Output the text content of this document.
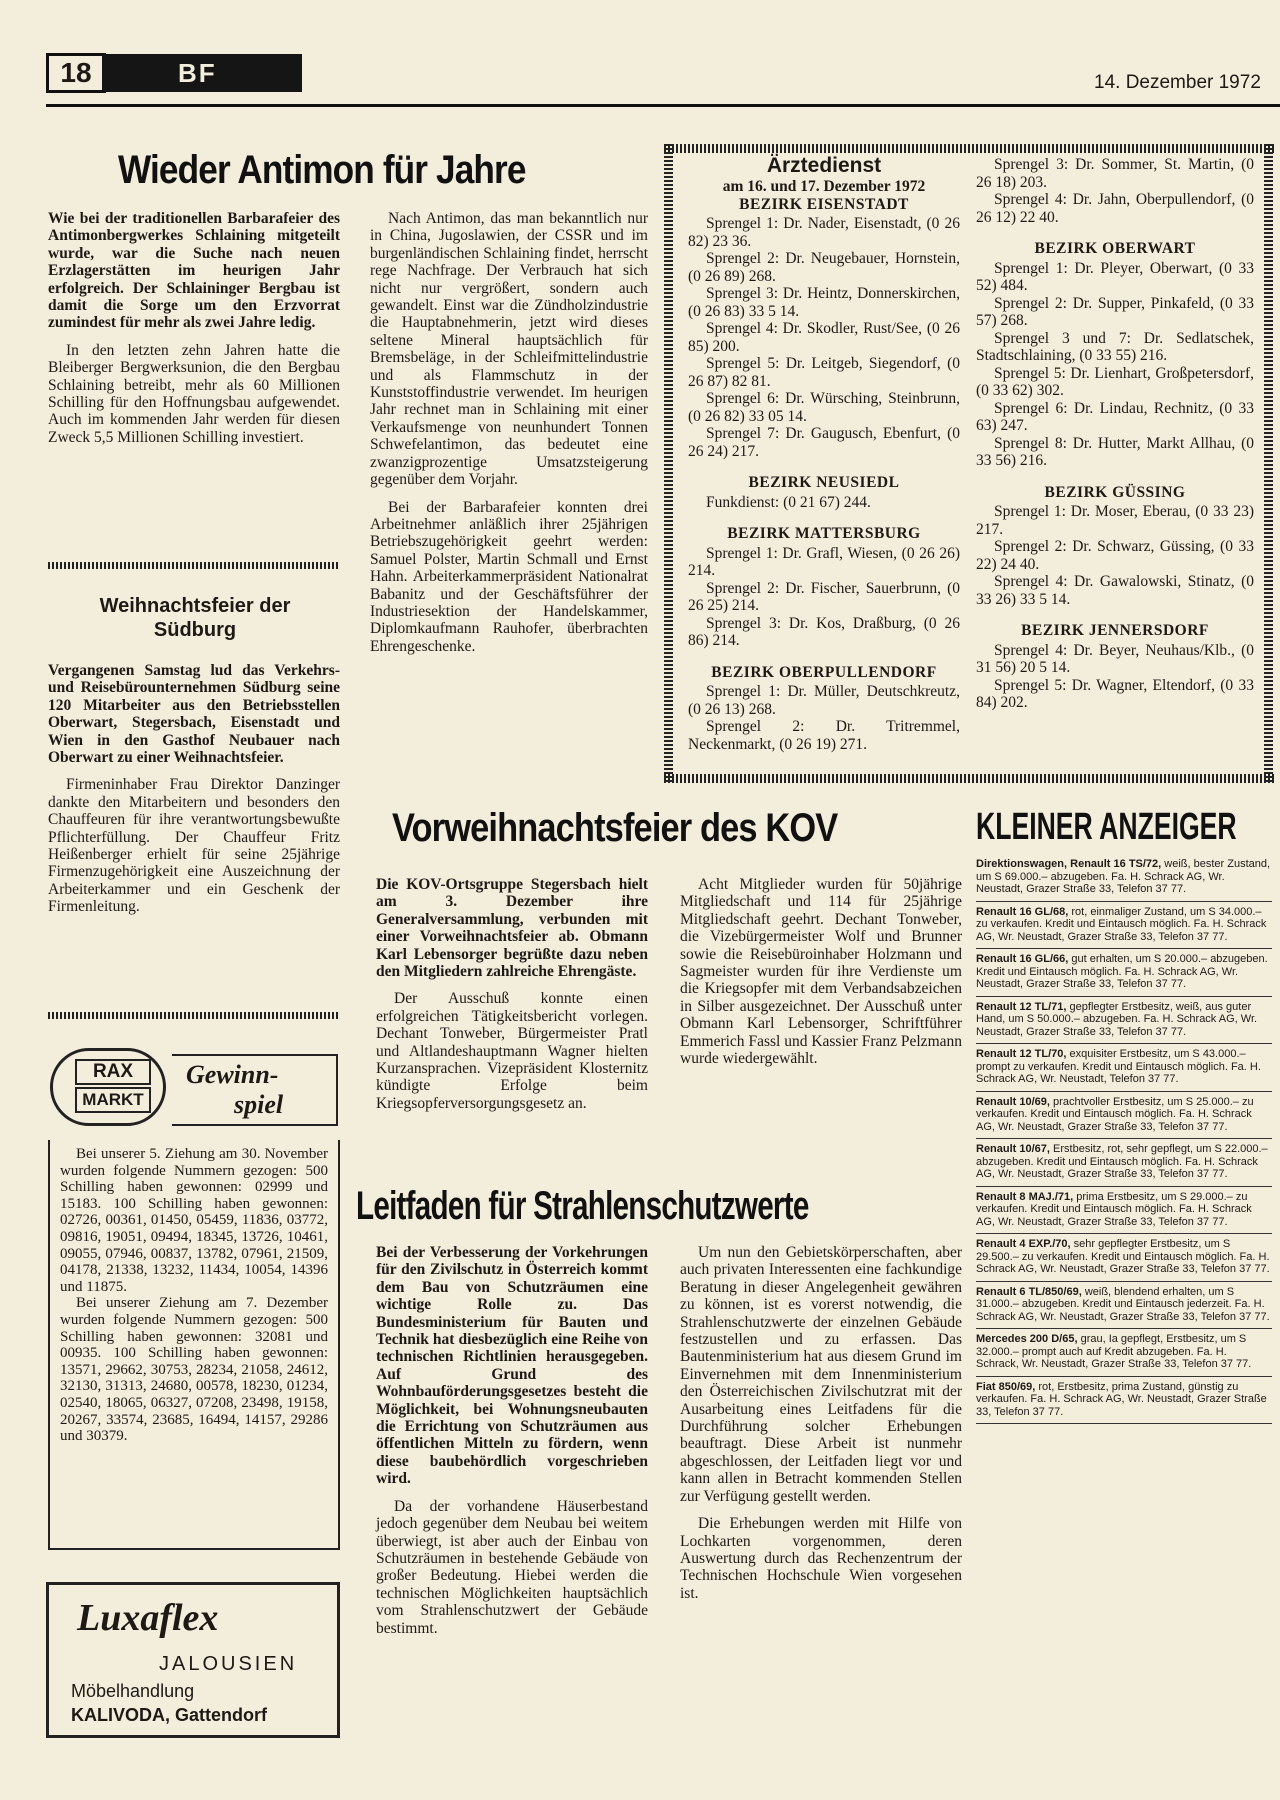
18	BF	14. Dezember 1972
Wieder Antimon für Jahre

Wie bei der traditionellen Barbarafeier des Antimonbergwerkes Schlaining mitgeteilt wurde, war die Suche nach neuen Erzlagerstätten im heurigen Jahr erfolgreich. Der Schlaininger Bergbau ist damit die Sorge um den Erzvorrat zumindest für mehr als zwei Jahre ledig.

In den letzten zehn Jahren hatte die Bleiberger Bergwerksunion, die den Bergbau Schlaining betreibt, mehr als 60 Millionen Schilling für den Hoffnungsbau aufgewendet. Auch im kommenden Jahr werden für diesen Zweck 5,5 Millionen Schilling investiert.

Nach Antimon, das man bekanntlich nur in China, Jugoslawien, der CSSR und im burgenländischen Schlaining findet, herrscht rege Nachfrage. Der Verbrauch hat sich nicht nur vergrößert, sondern auch gewandelt. Einst war die Zündholzindustrie die Hauptabnehmerin, jetzt wird dieses seltene Mineral hauptsächlich für Bremsbeläge, in der Schleifmittelindustrie und als Flammschutz in der Kunststoffindustrie verwendet. Im heurigen Jahr rechnet man in Schlaining mit einer Verkaufsmenge von neunhundert Tonnen Schwefelantimon, das bedeutet eine zwanzigprozentige Umsatzsteigerung gegenüber dem Vorjahr.

Bei der Barbarafeier konnten drei Arbeitnehmer anläßlich ihrer 25jährigen Betriebszugehörigkeit geehrt werden: Samuel Polster, Martin Schmall und Ernst Hahn. Arbeiterkammerpräsident Nationalrat Babanitz und der Geschäftsführer der Industriesektion der Handelskammer, Diplomkaufmann Rauhofer, überbrachten Ehrengeschenke.

Weihnachtsfeier der Südburg

Vergangenen Samstag lud das Verkehrs- und Reisebürounternehmen Südburg seine 120 Mitarbeiter aus den Betriebsstellen Oberwart, Stegersbach, Eisenstadt und Wien in den Gasthof Neubauer nach Oberwart zu einer Weihnachtsfeier.

Firmeninhaber Frau Direktor Danzinger dankte den Mitarbeitern und besonders den Chauffeuren für ihre verantwortungsbewußte Pflichterfüllung. Der Chauffeur Fritz Heißenberger erhielt für seine 25jährige Firmenzugehörigkeit eine Auszeichnung der Arbeiterkammer und ein Geschenk der Firmenleitung.

RAX
MARKT
Gewinn-
spiel

Bei unserer 5. Ziehung am 30. November wurden folgende Nummern gezogen: 500 Schilling haben gewonnen: 02999 und 15183. 100 Schilling haben gewonnen: 02726, 00361, 01450, 05459, 11836, 03772, 09816, 19051, 09494, 18345, 13726, 10461, 09055, 07946, 00837, 13782, 07961, 21509, 04178, 21338, 13232, 11434, 10054, 14396 und 11875.

Bei unserer Ziehung am 7. Dezember wurden folgende Nummern gezogen: 500 Schilling haben gewonnen: 32081 und 00935. 100 Schilling haben gewonnen: 13571, 29662, 30753, 28234, 21058, 24612, 32130, 31313, 24680, 00578, 18230, 01234, 02540, 18065, 06327, 07208, 23498, 19158, 20267, 33574, 23685, 16494, 14157, 29286 und 30379.

Luxaflex
JALOUSIEN
Möbelhandlung
KALIVODA, Gattendorf
Ärztedienst
am 16. und 17. Dezember 1972
BEZIRK EISENSTADT
Sprengel 1: Dr. Nader, Eisenstadt, (0 26 82) 23 36.
Sprengel 2: Dr. Neugebauer, Hornstein, (0 26 89) 268.
Sprengel 3: Dr. Heintz, Donnerskirchen, (0 26 83) 33 5 14.
Sprengel 4: Dr. Skodler, Rust/See, (0 26 85) 200.
Sprengel 5: Dr. Leitgeb, Siegendorf, (0 26 87) 82 81.
Sprengel 6: Dr. Würsching, Steinbrunn, (0 26 82) 33 05 14.
Sprengel 7: Dr. Gaugusch, Ebenfurt, (0 26 24) 217.
BEZIRK NEUSIEDL
Funkdienst: (0 21 67) 244.
BEZIRK MATTERSBURG
Sprengel 1: Dr. Grafl, Wiesen, (0 26 26) 214.
Sprengel 2: Dr. Fischer, Sauerbrunn, (0 26 25) 214.
Sprengel 3: Dr. Kos, Draßburg, (0 26 86) 214.
BEZIRK OBERPULLENDORF
Sprengel 1: Dr. Müller, Deutschkreutz, (0 26 13) 268.
Sprengel 2: Dr. Tritremmel, Neckenmarkt, (0 26 19) 271.
Sprengel 3: Dr. Sommer, St. Martin, (0 26 18) 203.
Sprengel 4: Dr. Jahn, Oberpullendorf, (0 26 12) 22 40.
BEZIRK OBERWART
Sprengel 1: Dr. Pleyer, Oberwart, (0 33 52) 484.
Sprengel 2: Dr. Supper, Pinkafeld, (0 33 57) 268.
Sprengel 3 und 7: Dr. Sedlatschek, Stadtschlaining, (0 33 55) 216.
Sprengel 5: Dr. Lienhart, Großpetersdorf, (0 33 62) 302.
Sprengel 6: Dr. Lindau, Rechnitz, (0 33 63) 247.
Sprengel 8: Dr. Hutter, Markt Allhau, (0 33 56) 216.
BEZIRK GÜSSING
Sprengel 1: Dr. Moser, Eberau, (0 33 23) 217.
Sprengel 2: Dr. Schwarz, Güssing, (0 33 22) 24 40.
Sprengel 4: Dr. Gawalowski, Stinatz, (0 33 26) 33 5 14.
BEZIRK JENNERSDORF
Sprengel 4: Dr. Beyer, Neuhaus/Klb., (0 31 56) 20 5 14.
Sprengel 5: Dr. Wagner, Eltendorf, (0 33 84) 202.
Vorweihnachtsfeier des KOV

Die KOV-Ortsgruppe Stegersbach hielt am 3. Dezember ihre Generalversammlung, verbunden mit einer Vorweihnachtsfeier ab. Obmann Karl Lebensorger begrüßte dazu neben den Mitgliedern zahlreiche Ehrengäste.

Der Ausschuß konnte einen erfolgreichen Tätigkeitsbericht vorlegen. Dechant Tonweber, Bürgermeister Pratl und Altlandeshauptmann Wagner hielten Kurzansprachen. Vizepräsident Klosternitz kündigte Erfolge beim Kriegsopferversorgungsgesetz an.

Acht Mitglieder wurden für 50jährige Mitgliedschaft und 114 für 25jährige Mitgliedschaft geehrt. Dechant Tonweber, die Vizebürgermeister Wolf und Brunner sowie die Reisebüroinhaber Holzmann und Sagmeister wurden für ihre Verdienste um die Kriegsopfer mit dem Verbandsabzeichen in Silber ausgezeichnet. Der Ausschuß unter Obmann Karl Lebensorger, Schriftführer Emmerich Fassl und Kassier Franz Pelzmann wurde wiedergewählt.

Leitfaden für Strahlenschutzwerte

Bei der Verbesserung der Vorkehrungen für den Zivilschutz in Österreich kommt dem Bau von Schutzräumen eine wichtige Rolle zu. Das Bundesministerium für Bauten und Technik hat diesbezüglich eine Reihe von technischen Richtlinien herausgegeben. Auf Grund des Wohnbauförderungsgesetzes besteht die Möglichkeit, bei Wohnungsneubauten die Errichtung von Schutzräumen aus öffentlichen Mitteln zu fördern, wenn diese baubehördlich vorgeschrieben wird.

Da der vorhandene Häuserbestand jedoch gegenüber dem Neubau bei weitem überwiegt, ist aber auch der Einbau von Schutzräumen in bestehende Gebäude von großer Bedeutung. Hiebei werden die technischen Möglichkeiten hauptsächlich vom Strahlenschutzwert der Gebäude bestimmt.

Um nun den Gebietskörperschaften, aber auch privaten Interessenten eine fachkundige Beratung in dieser Angelegenheit gewähren zu können, ist es vorerst notwendig, die Strahlenschutzwerte der einzelnen Gebäude festzustellen und zu erfassen. Das Bautenministerium hat aus diesem Grund im Einvernehmen mit dem Innenministerium den Österreichischen Zivilschutzrat mit der Ausarbeitung eines Leitfadens für die Durchführung solcher Erhebungen beauftragt. Diese Arbeit ist nunmehr abgeschlossen, der Leitfaden liegt vor und kann allen in Betracht kommenden Stellen zur Verfügung gestellt werden.

Die Erhebungen werden mit Hilfe von Lochkarten vorgenommen, deren Auswertung durch das Rechenzentrum der Technischen Hochschule Wien vorgesehen ist.

KLEINER ANZEIGER
Direktionswagen, Renault 16 TS/72, weiß, bester Zustand, um S 69.000.– abzugeben. Fa. H. Schrack AG, Wr. Neustadt, Grazer Straße 33, Telefon 37 77.
Renault 16 GL/68, rot, einmaliger Zustand, um S 34.000.– zu verkaufen. Kredit und Eintausch möglich. Fa. H. Schrack AG, Wr. Neustadt, Grazer Straße 33, Telefon 37 77.
Renault 16 GL/66, gut erhalten, um S 20.000.– abzugeben. Kredit und Eintausch möglich. Fa. H. Schrack AG, Wr. Neustadt, Grazer Straße 33, Telefon 37 77.
Renault 12 TL/71, gepflegter Erstbesitz, weiß, aus guter Hand, um S 50.000.– abzugeben. Fa. H. Schrack AG, Wr. Neustadt, Grazer Straße 33, Telefon 37 77.
Renault 12 TL/70, exquisiter Erstbesitz, um S 43.000.– prompt zu verkaufen. Kredit und Eintausch möglich. Fa. H. Schrack AG, Wr. Neustadt, Telefon 37 77.
Renault 10/69, prachtvoller Erstbesitz, um S 25.000.– zu verkaufen. Kredit und Eintausch möglich. Fa. H. Schrack AG, Wr. Neustadt, Grazer Straße 33, Telefon 37 77.
Renault 10/67, Erstbesitz, rot, sehr gepflegt, um S 22.000.– abzugeben. Kredit und Eintausch möglich. Fa. H. Schrack AG, Wr. Neustadt, Grazer Straße 33, Telefon 37 77.
Renault 8 MAJ./71, prima Erstbesitz, um S 29.000.– zu verkaufen. Kredit und Eintausch möglich. Fa. H. Schrack AG, Wr. Neustadt, Grazer Straße 33, Telefon 37 77.
Renault 4 EXP./70, sehr gepflegter Erstbesitz, um S 29.500.– zu verkaufen. Kredit und Eintausch möglich. Fa. H. Schrack AG, Wr. Neustadt, Grazer Straße 33, Telefon 37 77.
Renault 6 TL/850/69, weiß, blendend erhalten, um S 31.000.– abzugeben. Kredit und Eintausch jederzeit. Fa. H. Schrack AG, Wr. Neustadt, Grazer Straße 33, Telefon 37 77.
Mercedes 200 D/65, grau, Ia gepflegt, Erstbesitz, um S 32.000.– prompt auch auf Kredit abzugeben. Fa. H. Schrack, Wr. Neustadt, Grazer Straße 33, Telefon 37 77.
Fiat 850/69, rot, Erstbesitz, prima Zustand, günstig zu verkaufen. Fa. H. Schrack AG, Wr. Neustadt, Grazer Straße 33, Telefon 37 77.
